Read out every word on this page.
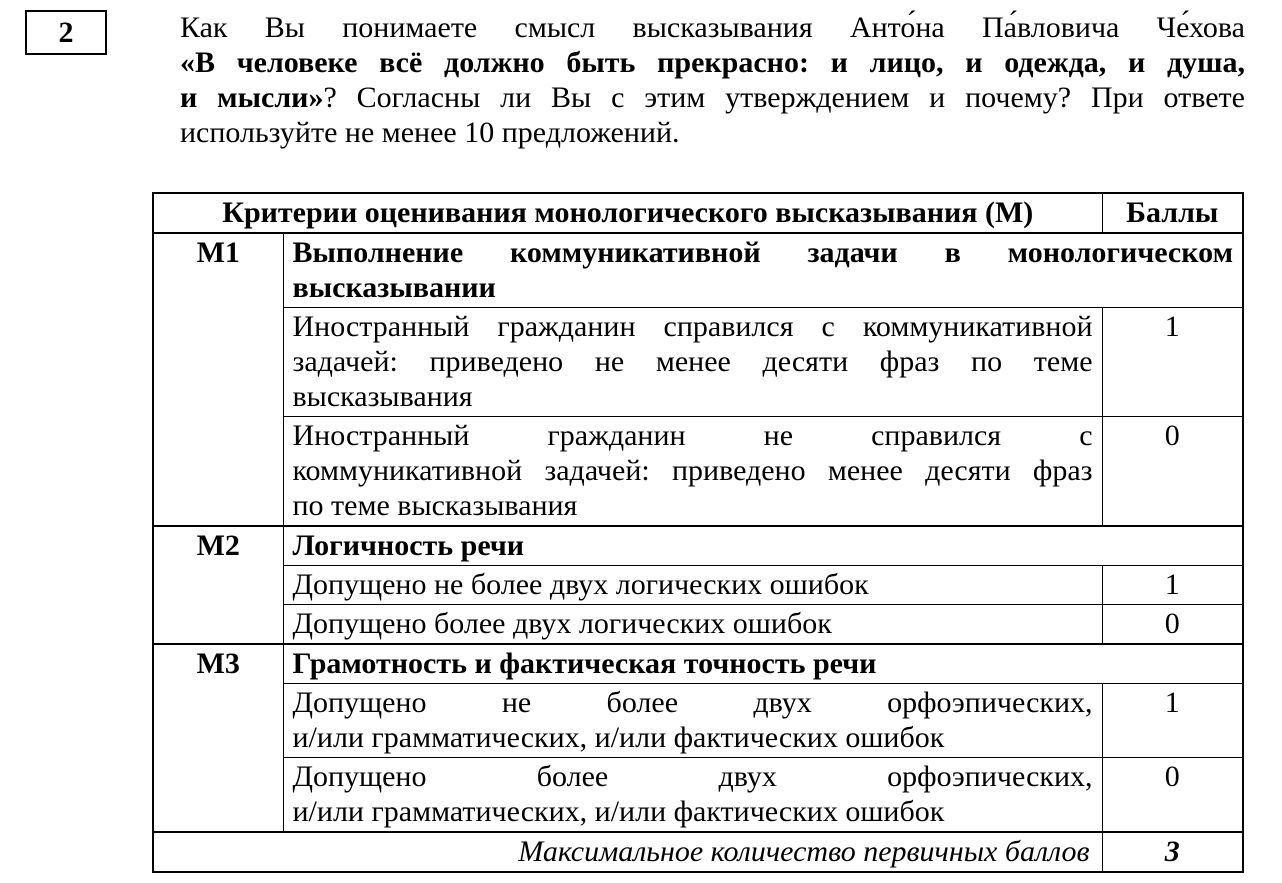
2	Как Вы понимаете смысл высказывания Анто́на Па́вловича Че́хова
«В человеке всё должно быть прекрасно: и лицо, и одежда, и душа,
и мысли»? Согласны ли Вы с этим утверждением и почему? При ответе
используйте не менее 10 предложений.
Критерии оценивания монологического высказывания (М)		Баллы

М1	Выполнение коммуникативной задачи в монологическом
высказывании	

	Иностранный гражданин справился с коммуникативной
задачей: приведено не менее десяти фраз по теме
высказывания	1

	Иностранный гражданин не справился с
коммуникативной задачей: приведено менее десяти фраз
по теме высказывания	0
М2	Логичность речи	

	Допущено не более двух логических ошибок	1

	Допущено более двух логических ошибок	0
М3	Грамотность и фактическая точность речи	

	Допущено не более двух орфоэпических,
и/или грамматических, и/или фактических ошибок	1

	Допущено более двух орфоэпических,
и/или грамматических, и/или фактических ошибок	0
Максимальное количество первичных баллов		3
